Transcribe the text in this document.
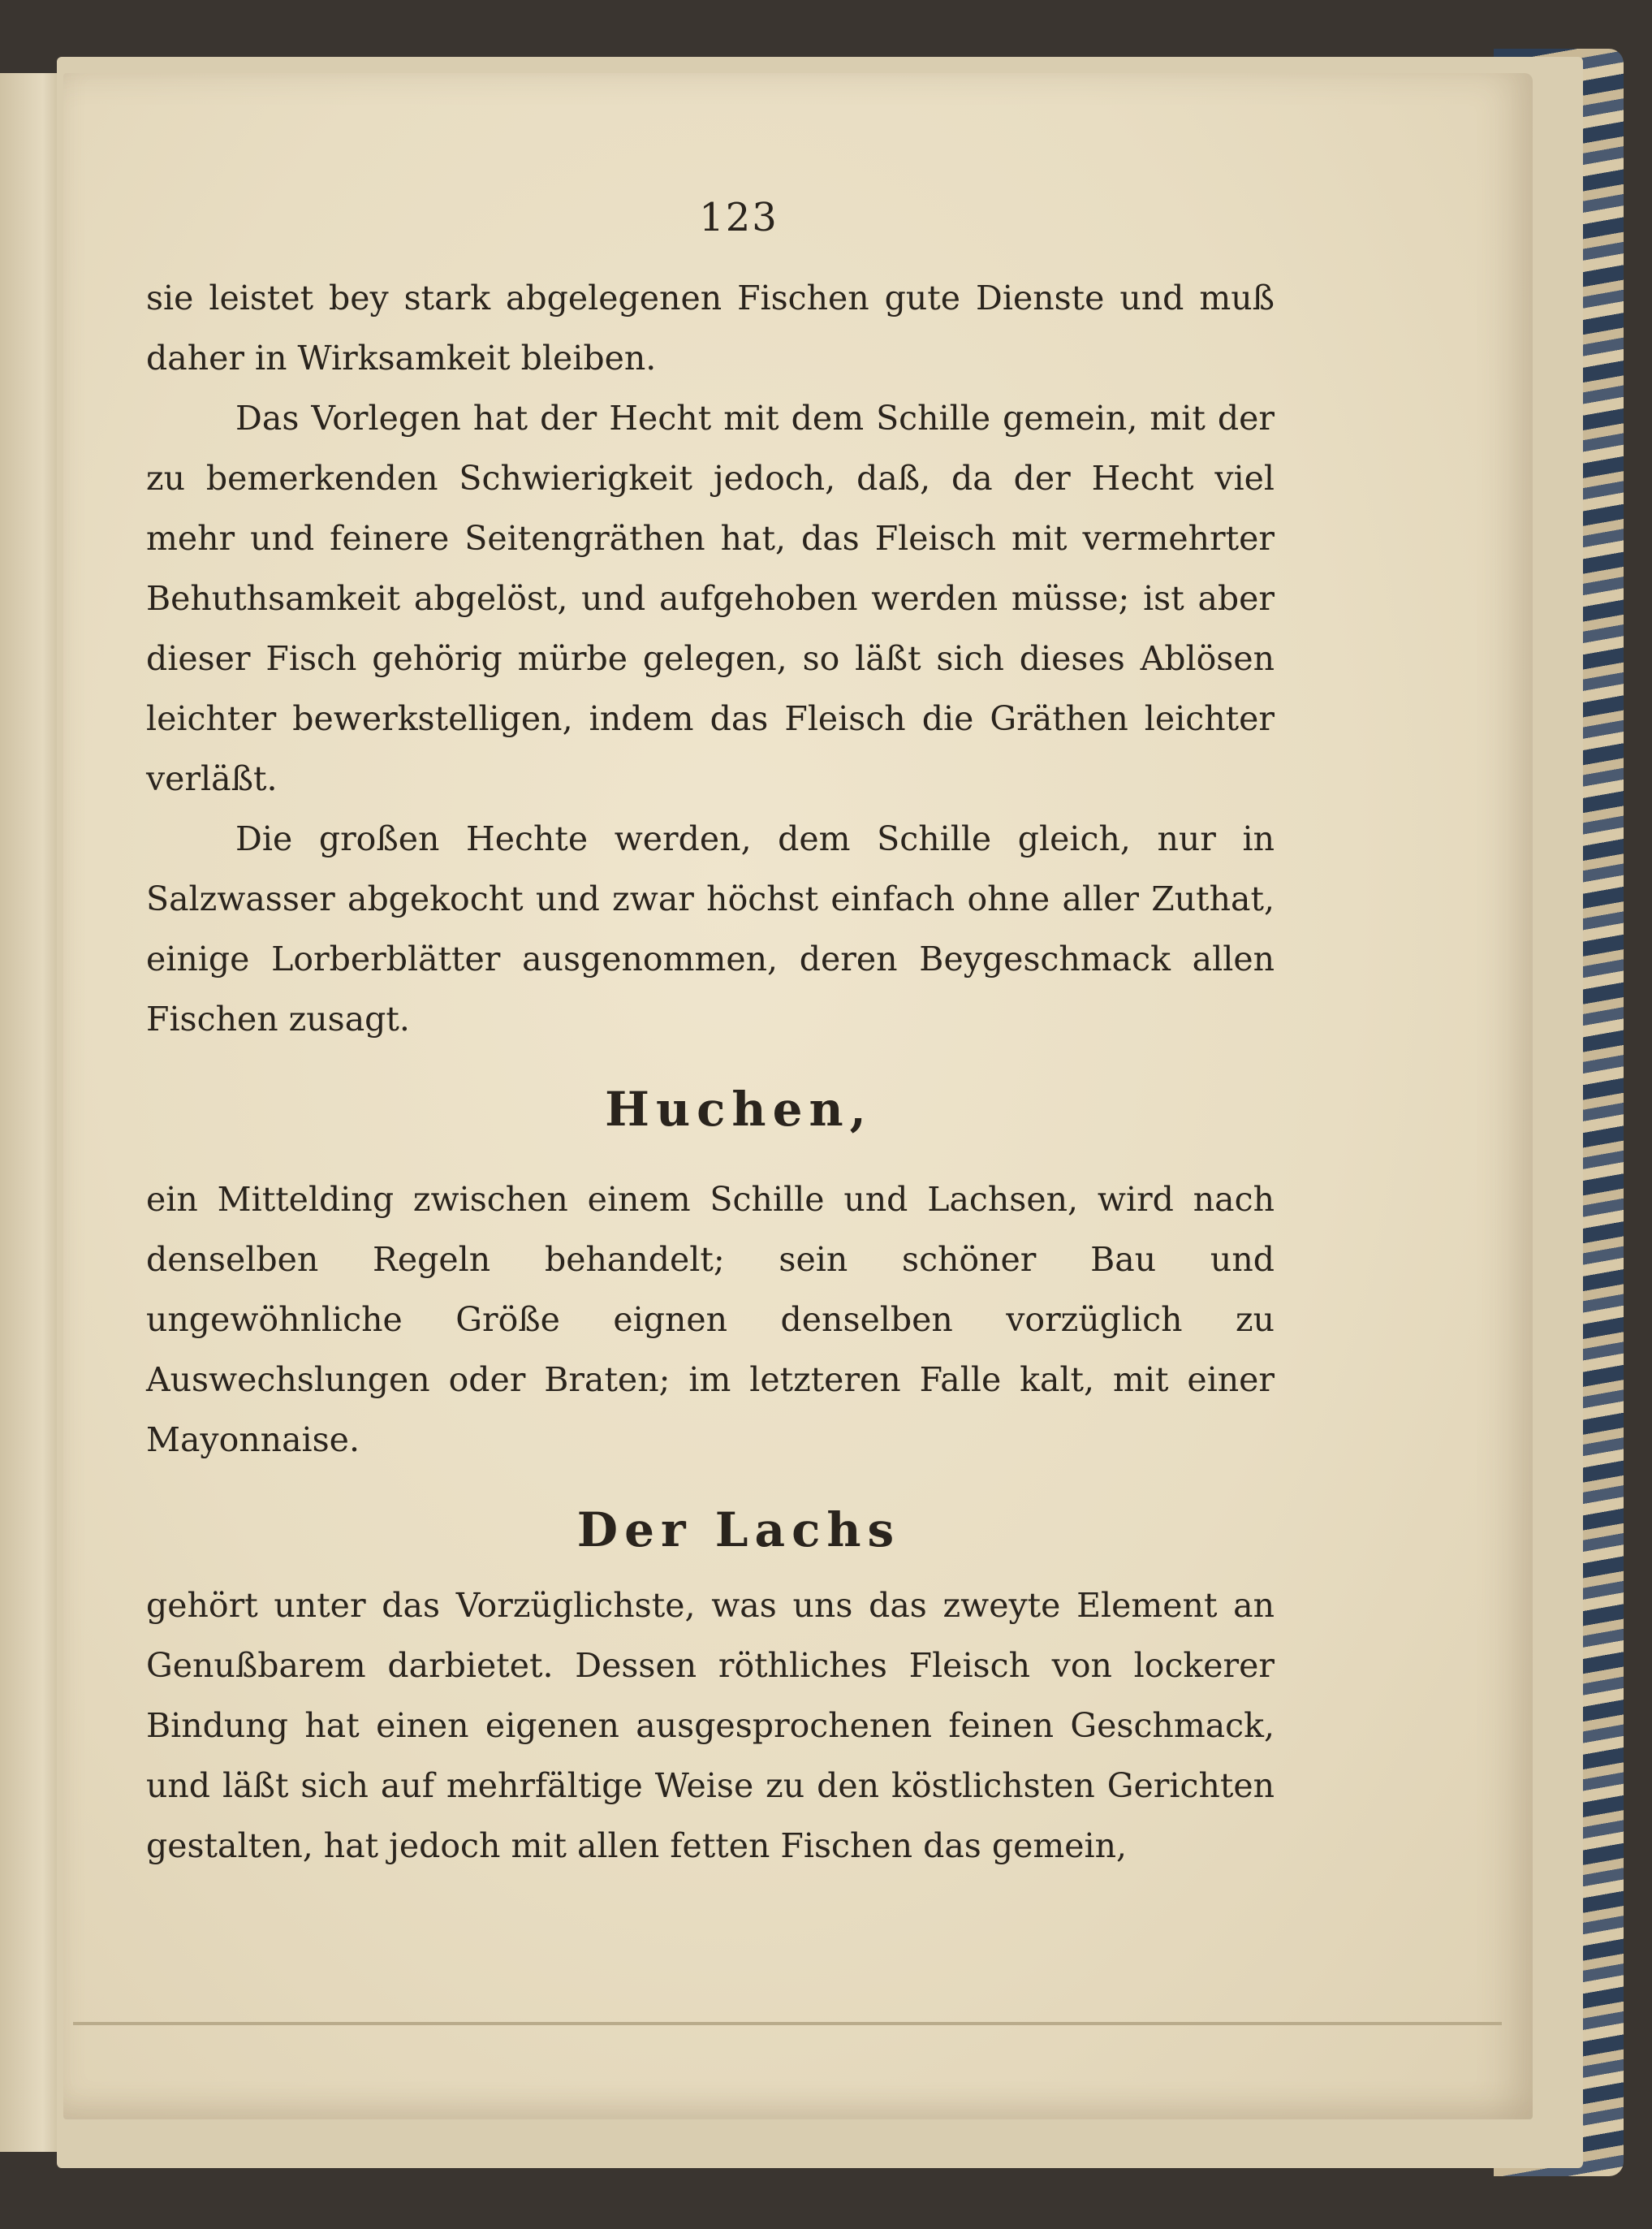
123

sie leistet bey stark abgelegenen Fischen gute Dienste und muß daher in Wirksamkeit bleiben.

Das Vorlegen hat der Hecht mit dem Schille gemein, mit der zu bemerkenden Schwierigkeit jedoch, daß, da der Hecht viel mehr und feinere Seitengräthen hat, das Fleisch mit vermehrter Behuthsamkeit abgelöst, und aufgehoben werden müsse; ist aber dieser Fisch gehörig mürbe gelegen, so läßt sich dieses Ablösen leichter bewerkstelligen, indem das Fleisch die Gräthen leichter verläßt.

Die großen Hechte werden, dem Schille gleich, nur in Salzwasser abgekocht und zwar höchst einfach ohne aller Zuthat, einige Lorberblätter ausgenommen, deren Beygeschmack allen Fischen zusagt.

Huchen,

ein Mittelding zwischen einem Schille und Lachsen, wird nach denselben Regeln behandelt; sein schöner Bau und ungewöhnliche Größe eignen denselben vorzüglich zu Auswechslungen oder Braten; im letzteren Falle kalt, mit einer Mayonnaise.

Der Lachs

gehört unter das Vorzüglichste, was uns das zweyte Element an Genußbarem darbietet. Dessen röthliches Fleisch von lockerer Bindung hat einen eigenen ausgesprochenen feinen Geschmack, und läßt sich auf mehrfältige Weise zu den köstlichsten Gerichten gestalten, hat jedoch mit allen fetten Fischen das gemein,
